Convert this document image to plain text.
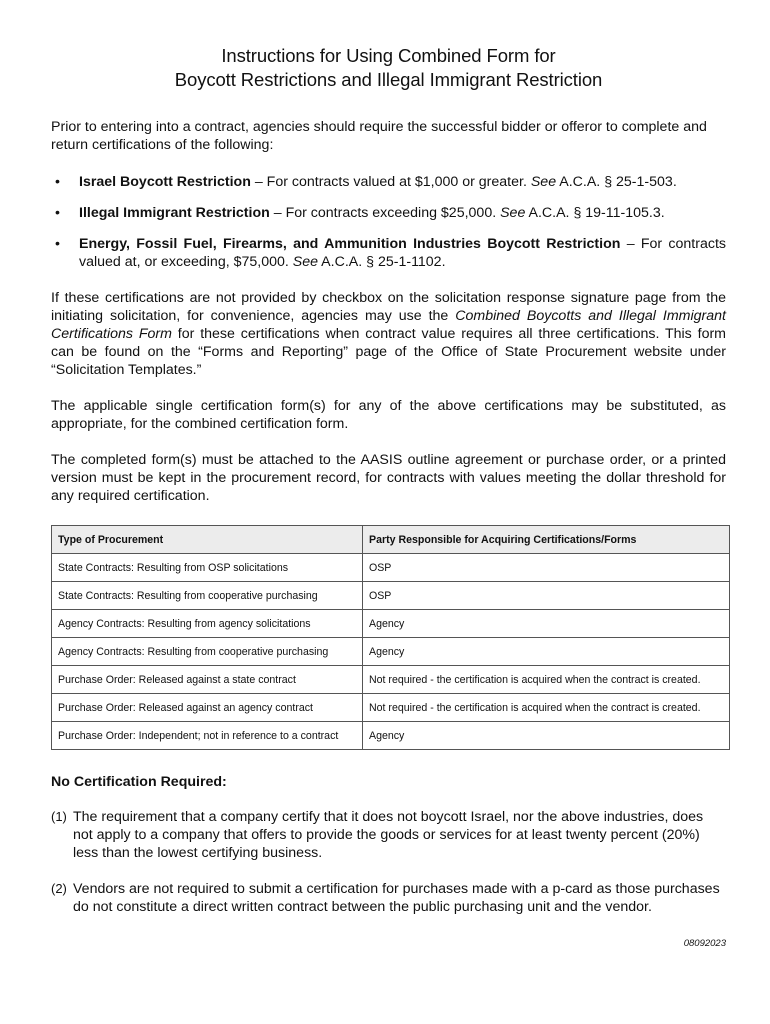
Instructions for Using Combined Form for
Boycott Restrictions and Illegal Immigrant Restriction

Prior to entering into a contract, agencies should require the successful bidder or offeror to complete and return certifications of the following:

• Israel Boycott Restriction – For contracts valued at $1,000 or greater. See A.C.A. § 25-1-503.
• Illegal Immigrant Restriction – For contracts exceeding $25,000. See A.C.A. § 19-11-105.3.
• Energy, Fossil Fuel, Firearms, and Ammunition Industries Boycott Restriction – For contracts valued at, or exceeding, $75,000. See A.C.A. § 25-1-1102.

If these certifications are not provided by checkbox on the solicitation response signature page from the initiating solicitation, for convenience, agencies may use the Combined Boycotts and Illegal Immigrant Certifications Form for these certifications when contract value requires all three certifications. This form can be found on the “Forms and Reporting” page of the Office of State Procurement website under “Solicitation Templates.”

The applicable single certification form(s) for any of the above certifications may be substituted, as appropriate, for the combined certification form.

The completed form(s) must be attached to the AASIS outline agreement or purchase order, or a printed version must be kept in the procurement record, for contracts with values meeting the dollar threshold for any required certification.

Type of Procurement	Party Responsible for Acquiring Certifications/Forms
State Contracts: Resulting from OSP solicitations	OSP
State Contracts: Resulting from cooperative purchasing	OSP
Agency Contracts: Resulting from agency solicitations	Agency
Agency Contracts: Resulting from cooperative purchasing	Agency
Purchase Order: Released against a state contract	Not required - the certification is acquired when the contract is created.
Purchase Order: Released against an agency contract	Not required - the certification is acquired when the contract is created.
Purchase Order: Independent; not in reference to a contract	Agency
No Certification Required:
(1) The requirement that a company certify that it does not boycott Israel, nor the above industries, does not apply to a company that offers to provide the goods or services for at least twenty percent (20%) less than the lowest certifying business.
(2) Vendors are not required to submit a certification for purchases made with a p-card as those purchases do not constitute a direct written contract between the public purchasing unit and the vendor.
08092023
